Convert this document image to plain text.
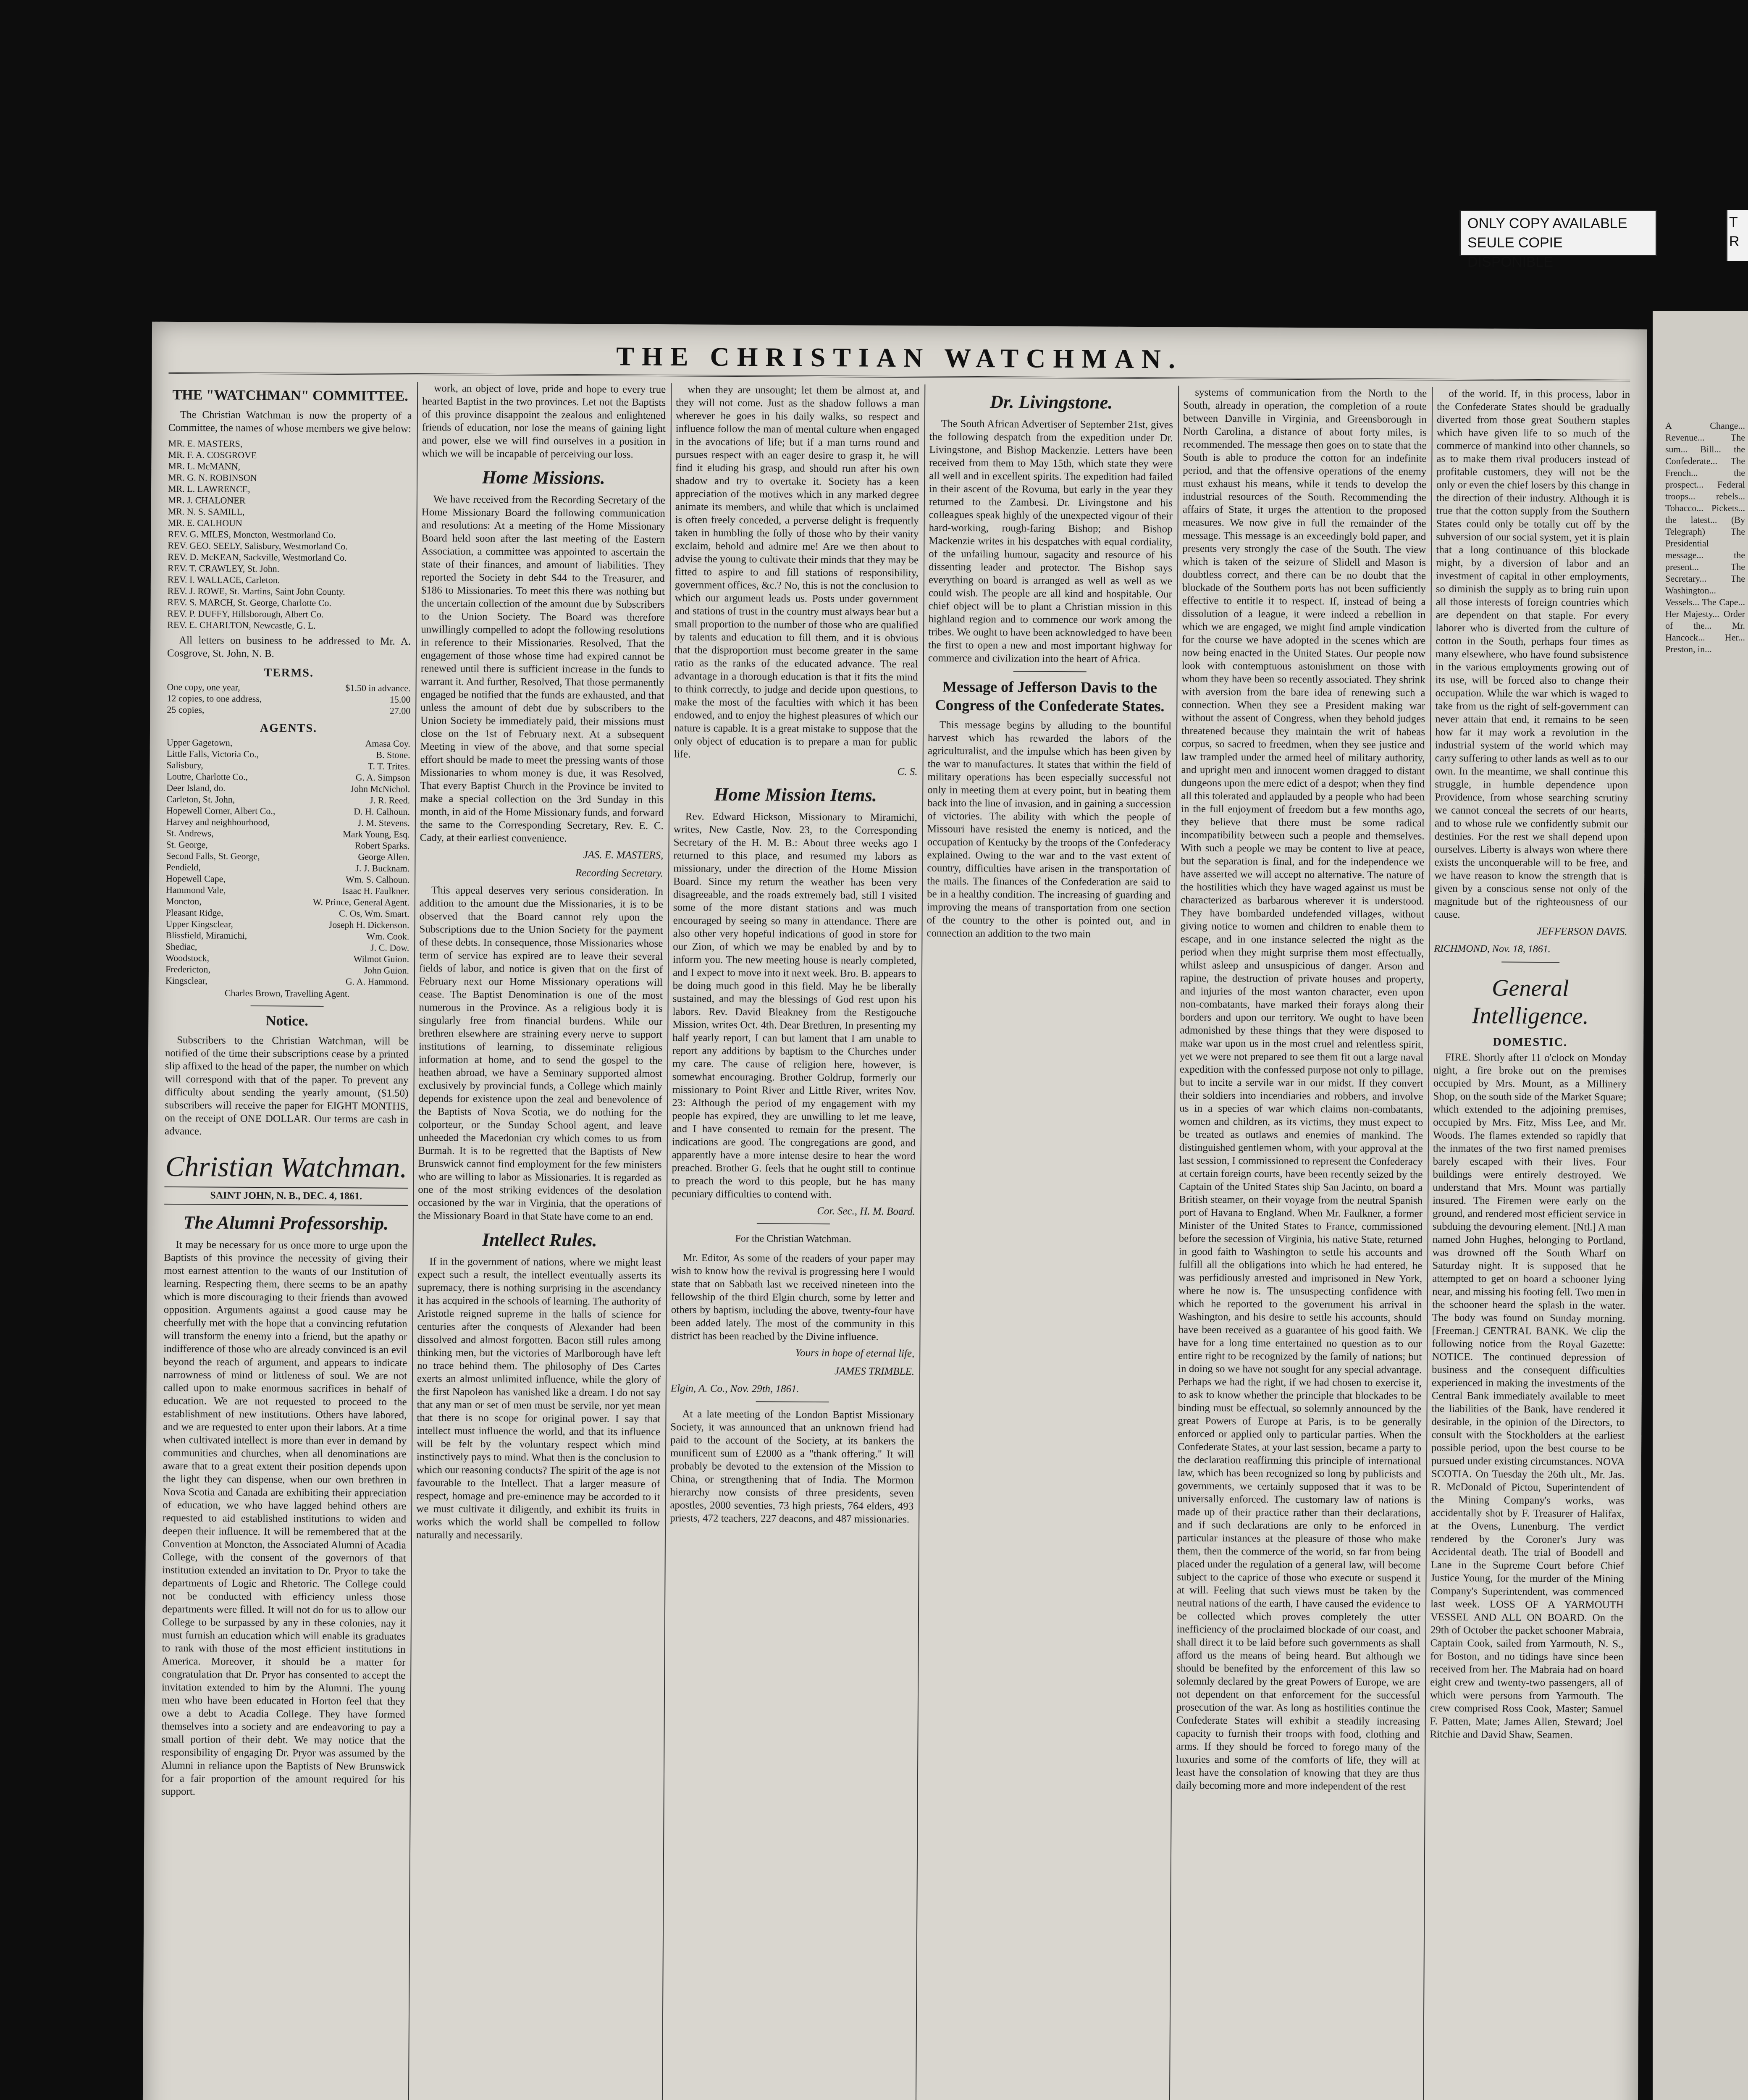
ONLY COPY AVAILABLE
SEULE COPIE DISPONIBLE
T R
A Change... Revenue... The sum... Bill... the Confederate... The French... the prospect... Federal troops... rebels... Tobacco... Pickets... the latest... (By Telegraph) The Presidential message... the present... The Secretary... The Washington... Vessels... The Cape... Her Majesty... Order of the... Mr. Hancock... Her... Preston, in...
THE CHRISTIAN WATCHMAN.
THE "WATCHMAN" COMMITTEE.

The Christian Watchman is now the property of a Committee, the names of whose members we give below:

MR. E. MASTERS,
MR. F. A. COSGROVE
MR. L. McMANN,
MR. G. N. ROBINSON
MR. L. LAWRENCE,
MR. J. CHALONER
MR. N. S. SAMILL,
MR. E. CALHOUN
REV. G. MILES, Moncton, Westmorland Co.
REV. GEO. SEELY, Salisbury, Westmorland Co.
REV. D. McKEAN, Sackville, Westmorland Co.
REV. T. CRAWLEY, St. John.
REV. I. WALLACE, Carleton.
REV. J. ROWE, St. Martins, Saint John County.
REV. S. MARCH, St. George, Charlotte Co.
REV. P. DUFFY, Hillsborough, Albert Co.
REV. E. CHARLTON, Newcastle, G. L.

All letters on business to be addressed to Mr. A. Cosgrove, St. John, N. B.

TERMS.
One copy, one year,	$1.50 in advance.
12 copies, to one address,	15.00
25 copies,	27.00
AGENTS.
Upper Gagetown,	Amasa Coy.
Little Falls, Victoria Co.,	B. Stone.
Salisbury,	T. T. Trites.
Loutre, Charlotte Co.,	G. A. Simpson
Deer Island, do.	John McNichol.
Carleton, St. John,	J. R. Reed.
Hopewell Corner, Albert Co.,	D. H. Calhoun.
Harvey and neighbourhood,	J. M. Stevens.
St. Andrews,	Mark Young, Esq.
St. George,	Robert Sparks.
Second Falls, St. George,	George Allen.
Pendield,	J. J. Bucknam.
Hopewell Cape,	Wm. S. Calhoun.
Hammond Vale,	Isaac H. Faulkner.
Moncton,	W. Prince, General Agent.
Pleasant Ridge,	C. Os, Wm. Smart.
Upper Kingsclear,	Joseph H. Dickenson.
Blissfield, Miramichi,	Wm. Cook.
Shediac,	J. C. Dow.
Woodstock,	Wilmot Guion.
Fredericton,	John Guion.
Kingsclear,	G. A. Hammond.
Charles Brown, Travelling Agent.
Notice.

Subscribers to the Christian Watchman, will be notified of the time their subscriptions cease by a printed slip affixed to the head of the paper, the number on which will correspond with that of the paper. To prevent any difficulty about sending the yearly amount, ($1.50) subscribers will receive the paper for EIGHT MONTHS, on the receipt of ONE DOLLAR. Our terms are cash in advance.

Christian Watchman.
SAINT JOHN, N. B., DEC. 4, 1861.
The Alumni Professorship.

It may be necessary for us once more to urge upon the Baptists of this province the necessity of giving their most earnest attention to the wants of our Institution of learning. Respecting them, there seems to be an apathy which is more discouraging to their friends than avowed opposition. Arguments against a good cause may be cheerfully met with the hope that a convincing refutation will transform the enemy into a friend, but the apathy or indifference of those who are already convinced is an evil beyond the reach of argument, and appears to indicate narrowness of mind or littleness of soul. We are not called upon to make enormous sacrifices in behalf of education. We are not requested to proceed to the establishment of new institutions. Others have labored, and we are requested to enter upon their labors. At a time when cultivated intellect is more than ever in demand by communities and churches, when all denominations are aware that to a great extent their position depends upon the light they can dispense, when our own brethren in Nova Scotia and Canada are exhibiting their appreciation of education, we who have lagged behind others are requested to aid established institutions to widen and deepen their influence. It will be remembered that at the Convention at Moncton, the Associated Alumni of Acadia College, with the consent of the governors of that institution extended an invitation to Dr. Pryor to take the departments of Logic and Rhetoric. The College could not be conducted with efficiency unless those departments were filled. It will not do for us to allow our College to be surpassed by any in these colonies, nay it must furnish an education which will enable its graduates to rank with those of the most efficient institutions in America. Moreover, it should be a matter for congratulation that Dr. Pryor has consented to accept the invitation extended to him by the Alumni. The young men who have been educated in Horton feel that they owe a debt to Acadia College. They have formed themselves into a society and are endeavoring to pay a small portion of their debt. We may notice that the responsibility of engaging Dr. Pryor was assumed by the Alumni in reliance upon the Baptists of New Brunswick for a fair proportion of the amount required for his support.

work, an object of love, pride and hope to every true hearted Baptist in the two provinces. Let not the Baptists of this province disappoint the zealous and enlightened friends of education, nor lose the means of gaining light and power, else we will find ourselves in a position in which we will be incapable of perceiving our loss.

Home Missions.

We have received from the Recording Secretary of the Home Missionary Board the following communication and resolutions: At a meeting of the Home Missionary Board held soon after the last meeting of the Eastern Association, a committee was appointed to ascertain the state of their finances, and amount of liabilities. They reported the Society in debt $44 to the Treasurer, and $186 to Missionaries. To meet this there was nothing but the uncertain collection of the amount due by Subscribers to the Union Society. The Board was therefore unwillingly compelled to adopt the following resolutions in reference to their Missionaries. Resolved, That the engagement of those whose time had expired cannot be renewed until there is sufficient increase in the funds to warrant it. And further, Resolved, That those permanently engaged be notified that the funds are exhausted, and that unless the amount of debt due by subscribers to the Union Society be immediately paid, their missions must close on the 1st of February next. At a subsequent Meeting in view of the above, and that some special effort should be made to meet the pressing wants of those Missionaries to whom money is due, it was Resolved, That every Baptist Church in the Province be invited to make a special collection on the 3rd Sunday in this month, in aid of the Home Missionary funds, and forward the same to the Corresponding Secretary, Rev. E. C. Cady, at their earliest convenience.

JAS. E. MASTERS,
Recording Secretary.

This appeal deserves very serious consideration. In addition to the amount due the Missionaries, it is to be observed that the Board cannot rely upon the Subscriptions due to the Union Society for the payment of these debts. In consequence, those Missionaries whose term of service has expired are to leave their several fields of labor, and notice is given that on the first of February next our Home Missionary operations will cease. The Baptist Denomination is one of the most numerous in the Province. As a religious body it is singularly free from financial burdens. While our brethren elsewhere are straining every nerve to support institutions of learning, to disseminate religious information at home, and to send the gospel to the heathen abroad, we have a Seminary supported almost exclusively by provincial funds, a College which mainly depends for existence upon the zeal and benevolence of the Baptists of Nova Scotia, we do nothing for the colporteur, or the Sunday School agent, and leave unheeded the Macedonian cry which comes to us from Burmah. It is to be regretted that the Baptists of New Brunswick cannot find employment for the few ministers who are willing to labor as Missionaries. It is regarded as one of the most striking evidences of the desolation occasioned by the war in Virginia, that the operations of the Missionary Board in that State have come to an end.

Intellect Rules.

If in the government of nations, where we might least expect such a result, the intellect eventually asserts its supremacy, there is nothing surprising in the ascendancy it has acquired in the schools of learning. The authority of Aristotle reigned supreme in the halls of science for centuries after the conquests of Alexander had been dissolved and almost forgotten. Bacon still rules among thinking men, but the victories of Marlborough have left no trace behind them. The philosophy of Des Cartes exerts an almost unlimited influence, while the glory of the first Napoleon has vanished like a dream. I do not say that any man or set of men must be servile, nor yet mean that there is no scope for original power. I say that intellect must influence the world, and that its influence will be felt by the voluntary respect which mind instinctively pays to mind. What then is the conclusion to which our reasoning conducts? The spirit of the age is not favourable to the Intellect. That a larger measure of respect, homage and pre-eminence may be accorded to it we must cultivate it diligently, and exhibit its fruits in works which the world shall be compelled to follow naturally and necessarily.

when they are unsought; let them be almost at, and they will not come. Just as the shadow follows a man wherever he goes in his daily walks, so respect and influence follow the man of mental culture when engaged in the avocations of life; but if a man turns round and pursues respect with an eager desire to grasp it, he will find it eluding his grasp, and should run after his own shadow and try to overtake it. Society has a keen appreciation of the motives which in any marked degree animate its members, and while that which is unclaimed is often freely conceded, a perverse delight is frequently taken in humbling the folly of those who by their vanity exclaim, behold and admire me! Are we then about to advise the young to cultivate their minds that they may be fitted to aspire to and fill stations of responsibility, government offices, &c.? No, this is not the conclusion to which our argument leads us. Posts under government and stations of trust in the country must always bear but a small proportion to the number of those who are qualified by talents and education to fill them, and it is obvious that the disproportion must become greater in the same ratio as the ranks of the educated advance. The real advantage in a thorough education is that it fits the mind to think correctly, to judge and decide upon questions, to make the most of the faculties with which it has been endowed, and to enjoy the highest pleasures of which our nature is capable. It is a great mistake to suppose that the only object of education is to prepare a man for public life.

C. S.
Home Mission Items.

Rev. Edward Hickson, Missionary to Miramichi, writes, New Castle, Nov. 23, to the Corresponding Secretary of the H. M. B.: About three weeks ago I returned to this place, and resumed my labors as missionary, under the direction of the Home Mission Board. Since my return the weather has been very disagreeable, and the roads extremely bad, still I visited some of the more distant stations and was much encouraged by seeing so many in attendance. There are also other very hopeful indications of good in store for our Zion, of which we may be enabled by and by to inform you. The new meeting house is nearly completed, and I expect to move into it next week. Bro. B. appears to be doing much good in this field. May he be liberally sustained, and may the blessings of God rest upon his labors. Rev. David Bleakney from the Restigouche Mission, writes Oct. 4th. Dear Brethren, In presenting my half yearly report, I can but lament that I am unable to report any additions by baptism to the Churches under my care. The cause of religion here, however, is somewhat encouraging. Brother Goldrup, formerly our missionary to Point River and Little River, writes Nov. 23: Although the period of my engagement with my people has expired, they are unwilling to let me leave, and I have consented to remain for the present. The indications are good. The congregations are good, and apparently have a more intense desire to hear the word preached. Brother G. feels that he ought still to continue to preach the word to this people, but he has many pecuniary difficulties to contend with.

Cor. Sec., H. M. Board.
For the Christian Watchman.

Mr. Editor, As some of the readers of your paper may wish to know how the revival is progressing here I would state that on Sabbath last we received nineteen into the fellowship of the third Elgin church, some by letter and others by baptism, including the above, twenty-four have been added lately. The most of the community in this district has been reached by the Divine influence.

Yours in hope of eternal life,
JAMES TRIMBLE.
Elgin, A. Co., Nov. 29th, 1861.

At a late meeting of the London Baptist Missionary Society, it was announced that an unknown friend had paid to the account of the Society, at its bankers the munificent sum of £2000 as a "thank offering." It will probably be devoted to the extension of the Mission to China, or strengthening that of India. The Mormon hierarchy now consists of three presidents, seven apostles, 2000 seventies, 73 high priests, 764 elders, 493 priests, 472 teachers, 227 deacons, and 487 missionaries.

Dr. Livingstone.

The South African Advertiser of September 21st, gives the following despatch from the expedition under Dr. Livingstone, and Bishop Mackenzie. Letters have been received from them to May 15th, which state they were all well and in excellent spirits. The expedition had failed in their ascent of the Rovuma, but early in the year they returned to the Zambesi. Dr. Livingstone and his colleagues speak highly of the unexpected vigour of their hard-working, rough-faring Bishop; and Bishop Mackenzie writes in his despatches with equal cordiality, of the unfailing humour, sagacity and resource of his dissenting leader and protector. The Bishop says everything on board is arranged as well as well as we could wish. The people are all kind and hospitable. Our chief object will be to plant a Christian mission in this highland region and to commence our work among the tribes. We ought to have been acknowledged to have been the first to open a new and most important highway for commerce and civilization into the heart of Africa.

Message of Jefferson Davis to the Congress of the Confederate States.

This message begins by alluding to the bountiful harvest which has rewarded the labors of the agriculturalist, and the impulse which has been given by the war to manufactures. It states that within the field of military operations has been especially successful not only in meeting them at every point, but in beating them back into the line of invasion, and in gaining a succession of victories. The ability with which the people of Missouri have resisted the enemy is noticed, and the occupation of Kentucky by the troops of the Confederacy explained. Owing to the war and to the vast extent of country, difficulties have arisen in the transportation of the mails. The finances of the Confederation are said to be in a healthy condition. The increasing of guarding and improving the means of transportation from one section of the country to the other is pointed out, and in connection an addition to the two main

systems of communication from the North to the South, already in operation, the completion of a route between Danville in Virginia, and Greensborough in North Carolina, a distance of about forty miles, is recommended. The message then goes on to state that the South is able to produce the cotton for an indefinite period, and that the offensive operations of the enemy must exhaust his means, while it tends to develop the industrial resources of the South. Recommending the affairs of State, it urges the attention to the proposed measures. We now give in full the remainder of the message. This message is an exceedingly bold paper, and presents very strongly the case of the South. The view which is taken of the seizure of Slidell and Mason is doubtless correct, and there can be no doubt that the blockade of the Southern ports has not been sufficiently effective to entitle it to respect. If, instead of being a dissolution of a league, it were indeed a rebellion in which we are engaged, we might find ample vindication for the course we have adopted in the scenes which are now being enacted in the United States. Our people now look with contemptuous astonishment on those with whom they have been so recently associated. They shrink with aversion from the bare idea of renewing such a connection. When they see a President making war without the assent of Congress, when they behold judges threatened because they maintain the writ of habeas corpus, so sacred to freedmen, when they see justice and law trampled under the armed heel of military authority, and upright men and innocent women dragged to distant dungeons upon the mere edict of a despot; when they find all this tolerated and applauded by a people who had been in the full enjoyment of freedom but a few months ago, they believe that there must be some radical incompatibility between such a people and themselves. With such a people we may be content to live at peace, but the separation is final, and for the independence we have asserted we will accept no alternative. The nature of the hostilities which they have waged against us must be characterized as barbarous wherever it is understood. They have bombarded undefended villages, without giving notice to women and children to enable them to escape, and in one instance selected the night as the period when they might surprise them most effectually, whilst asleep and unsuspicious of danger. Arson and rapine, the destruction of private houses and property, and injuries of the most wanton character, even upon non-combatants, have marked their forays along their borders and upon our territory. We ought to have been admonished by these things that they were disposed to make war upon us in the most cruel and relentless spirit, yet we were not prepared to see them fit out a large naval expedition with the confessed purpose not only to pillage, but to incite a servile war in our midst. If they convert their soldiers into incendiaries and robbers, and involve us in a species of war which claims non-combatants, women and children, as its victims, they must expect to be treated as outlaws and enemies of mankind. The distinguished gentlemen whom, with your approval at the last session, I commissioned to represent the Confederacy at certain foreign courts, have been recently seized by the Captain of the United States ship San Jacinto, on board a British steamer, on their voyage from the neutral Spanish port of Havana to England. When Mr. Faulkner, a former Minister of the United States to France, commissioned before the secession of Virginia, his native State, returned in good faith to Washington to settle his accounts and fulfill all the obligations into which he had entered, he was perfidiously arrested and imprisoned in New York, where he now is. The unsuspecting confidence with which he reported to the government his arrival in Washington, and his desire to settle his accounts, should have been received as a guarantee of his good faith. We have for a long time entertained no question as to our entire right to be recognized by the family of nations; but in doing so we have not sought for any special advantage. Perhaps we had the right, if we had chosen to exercise it, to ask to know whether the principle that blockades to be binding must be effectual, so solemnly announced by the great Powers of Europe at Paris, is to be generally enforced or applied only to particular parties. When the Confederate States, at your last session, became a party to the declaration reaffirming this principle of international law, which has been recognized so long by publicists and governments, we certainly supposed that it was to be universally enforced. The customary law of nations is made up of their practice rather than their declarations, and if such declarations are only to be enforced in particular instances at the pleasure of those who make them, then the commerce of the world, so far from being placed under the regulation of a general law, will become subject to the caprice of those who execute or suspend it at will. Feeling that such views must be taken by the neutral nations of the earth, I have caused the evidence to be collected which proves completely the utter inefficiency of the proclaimed blockade of our coast, and shall direct it to be laid before such governments as shall afford us the means of being heard. But although we should be benefited by the enforcement of this law so solemnly declared by the great Powers of Europe, we are not dependent on that enforcement for the successful prosecution of the war. As long as hostilities continue the Confederate States will exhibit a steadily increasing capacity to furnish their troops with food, clothing and arms. If they should be forced to forego many of the luxuries and some of the comforts of life, they will at least have the consolation of knowing that they are thus daily becoming more and more independent of the rest

of the world. If, in this process, labor in the Confederate States should be gradually diverted from those great Southern staples which have given life to so much of the commerce of mankind into other channels, so as to make them rival producers instead of profitable customers, they will not be the only or even the chief losers by this change in the direction of their industry. Although it is true that the cotton supply from the Southern States could only be totally cut off by the subversion of our social system, yet it is plain that a long continuance of this blockade might, by a diversion of labor and an investment of capital in other employments, so diminish the supply as to bring ruin upon all those interests of foreign countries which are dependent on that staple. For every laborer who is diverted from the culture of cotton in the South, perhaps four times as many elsewhere, who have found subsistence in the various employments growing out of its use, will be forced also to change their occupation. While the war which is waged to take from us the right of self-government can never attain that end, it remains to be seen how far it may work a revolution in the industrial system of the world which may carry suffering to other lands as well as to our own. In the meantime, we shall continue this struggle, in humble dependence upon Providence, from whose searching scrutiny we cannot conceal the secrets of our hearts, and to whose rule we confidently submit our destinies. For the rest we shall depend upon ourselves. Liberty is always won where there exists the unconquerable will to be free, and we have reason to know the strength that is given by a conscious sense not only of the magnitude but of the righteousness of our cause.

JEFFERSON DAVIS.
RICHMOND, Nov. 18, 1861.
General Intelligence.
DOMESTIC.

FIRE. Shortly after 11 o'clock on Monday night, a fire broke out on the premises occupied by Mrs. Mount, as a Millinery Shop, on the south side of the Market Square; which extended to the adjoining premises, occupied by Mrs. Fitz, Miss Lee, and Mr. Woods. The flames extended so rapidly that the inmates of the two first named premises barely escaped with their lives. Four buildings were entirely destroyed. We understand that Mrs. Mount was partially insured. The Firemen were early on the ground, and rendered most efficient service in subduing the devouring element. [Ntl.] A man named John Hughes, belonging to Portland, was drowned off the South Wharf on Saturday night. It is supposed that he attempted to get on board a schooner lying near, and missing his footing fell. Two men in the schooner heard the splash in the water. The body was found on Sunday morning. [Freeman.] CENTRAL BANK. We clip the following notice from the Royal Gazette: NOTICE. The continued depression of business and the consequent difficulties experienced in making the investments of the Central Bank immediately available to meet the liabilities of the Bank, have rendered it desirable, in the opinion of the Directors, to consult with the Stockholders at the earliest possible period, upon the best course to be pursued under existing circumstances. NOVA SCOTIA. On Tuesday the 26th ult., Mr. Jas. R. McDonald of Pictou, Superintendent of the Mining Company's works, was accidentally shot by F. Treasurer of Halifax, at the Ovens, Lunenburg. The verdict rendered by the Coroner's Jury was Accidental death. The trial of Boodell and Lane in the Supreme Court before Chief Justice Young, for the murder of the Mining Company's Superintendent, was commenced last week. LOSS OF A YARMOUTH VESSEL AND ALL ON BOARD. On the 29th of October the packet schooner Mabraia, Captain Cook, sailed from Yarmouth, N. S., for Boston, and no tidings have since been received from her. The Mabraia had on board eight crew and twenty-two passengers, all of which were persons from Yarmouth. The crew comprised Ross Cook, Master; Samuel F. Patten, Mate; James Allen, Steward; Joel Ritchie and David Shaw, Seamen.
